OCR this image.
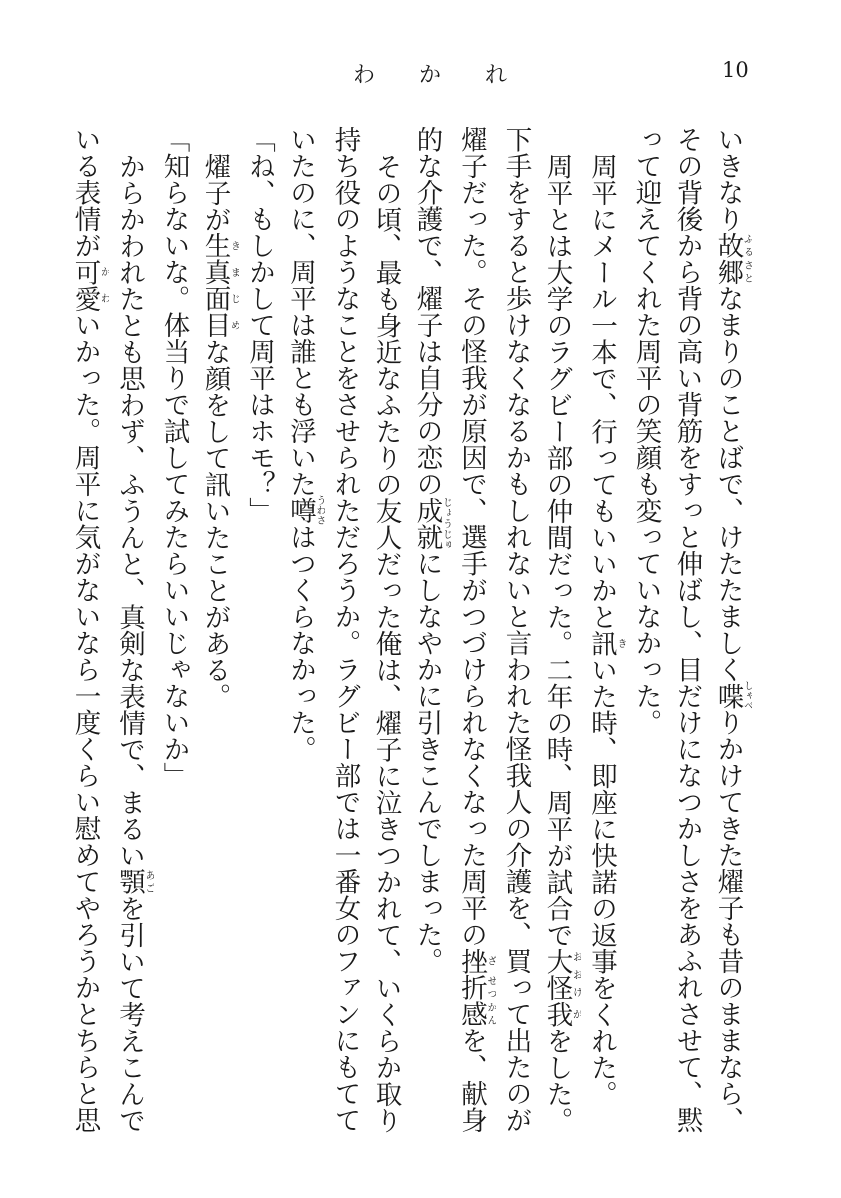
わ　　か　　れ	10
いきなり故郷ふるさとなまりのことばで、けたたましく喋しゃべりかけてきた燿子も昔のままなら、
その背後から背の高い背筋をすっと伸ばし、目だけになつかしさをあふれさせて、黙
って迎えてくれた周平の笑顔も変っていなかった。
周平にメール一本で、行ってもいいかと訊きいた時、即座に快諾の返事をくれた。
周平とは大学のラグビー部の仲間だった。二年の時、周平が試合で大怪おおけ我がをした。
下手をすると歩けなくなるかもしれないと言われた怪我人の介護を、買って出たのが
燿子だった。その怪我が原因で、選手がつづけられなくなった周平の挫ざ折感せつかんを、献身
的な介護で、燿子は自分の恋の成就じょうじゅにしなやかに引きこんでしまった。
その頃、最も身近なふたりの友人だった俺は、燿子に泣きつかれて、いくらか取り
持ち役のようなことをさせられただろうか。ラグビー部では一番女のファンにもてて
いたのに、周平は誰とも浮いた噂うわさはつくらなかった。
「ね、もしかして周平はホモ？」
燿子が生真面目きまじめな顔をして訊いたことがある。
「知らないな。体当りで試してみたらいいじゃないか」
からかわれたとも思わず、ふうんと、真剣な表情で、まるい顎あごを引いて考えこんで
いる表情が可愛かわいかった。周平に気がないなら一度くらい慰めてやろうかとちらと思
